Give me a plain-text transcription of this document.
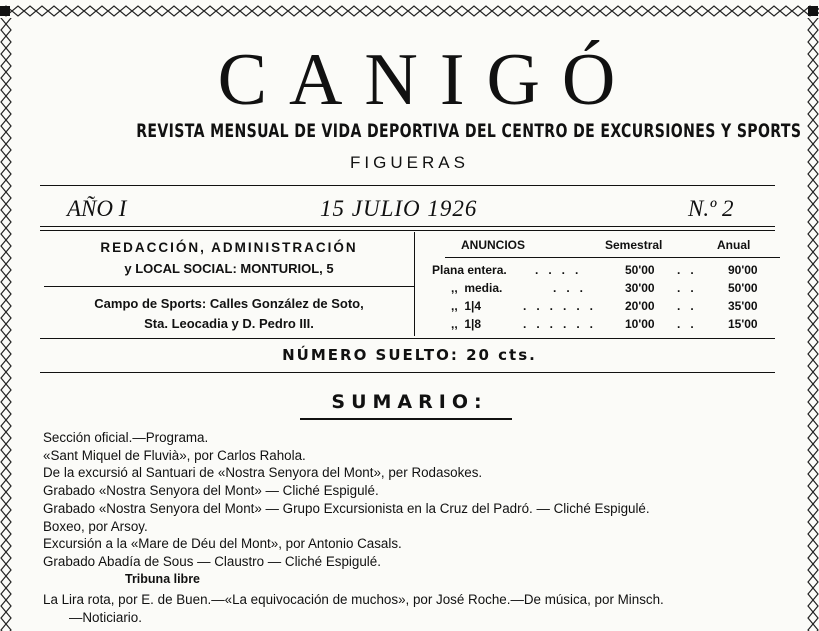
CANIGÓ
REVISTA MENSUAL DE VIDA DEPORTIVA DEL CENTRO DE EXCURSIONES Y SPORTS
FIGUERAS
AÑO I	15 JULIO 1926	N.º 2
REDACCIÓN, ADMINISTRACIÓN
y LOCAL SOCIAL: MONTURIOL, 5
Campo de Sports: Calles González de Soto,
Sta. Leocadia y D. Pedro III.
ANUNCIOS	Semestral	Anual
Plana entera. ....	50'00 .. 90'00
,,  media.	...	30'00 .. 50'00
,,  1|4	...... 20'00 .. 35'00
,,  1|8	...... 10'00 .. 15'00
NÚMERO SUELTO: 20 cts.
SUMARIO:
Sección oficial.—Programa.
«Sant Miquel de Fluvià», por Carlos Rahola.
De la excursió al Santuari de «Nostra Senyora del Mont», per Rodasokes.
Grabado «Nostra Senyora del Mont» — Cliché Espigulé.
Grabado «Nostra Senyora del Mont» — Grupo Excursionista en la Cruz del Padró. — Cliché Espigulé.
Boxeo, por Arsoy.
Excursión a la «Mare de Déu del Mont», por Antonio Casals.
Grabado Abadía de Sous — Claustro — Cliché Espigulé.
Tribuna libre
La Lira rota, por E. de Buen.—«La equivocación de muchos», por José Roche.—De música, por Minsch.
—Noticiario.
